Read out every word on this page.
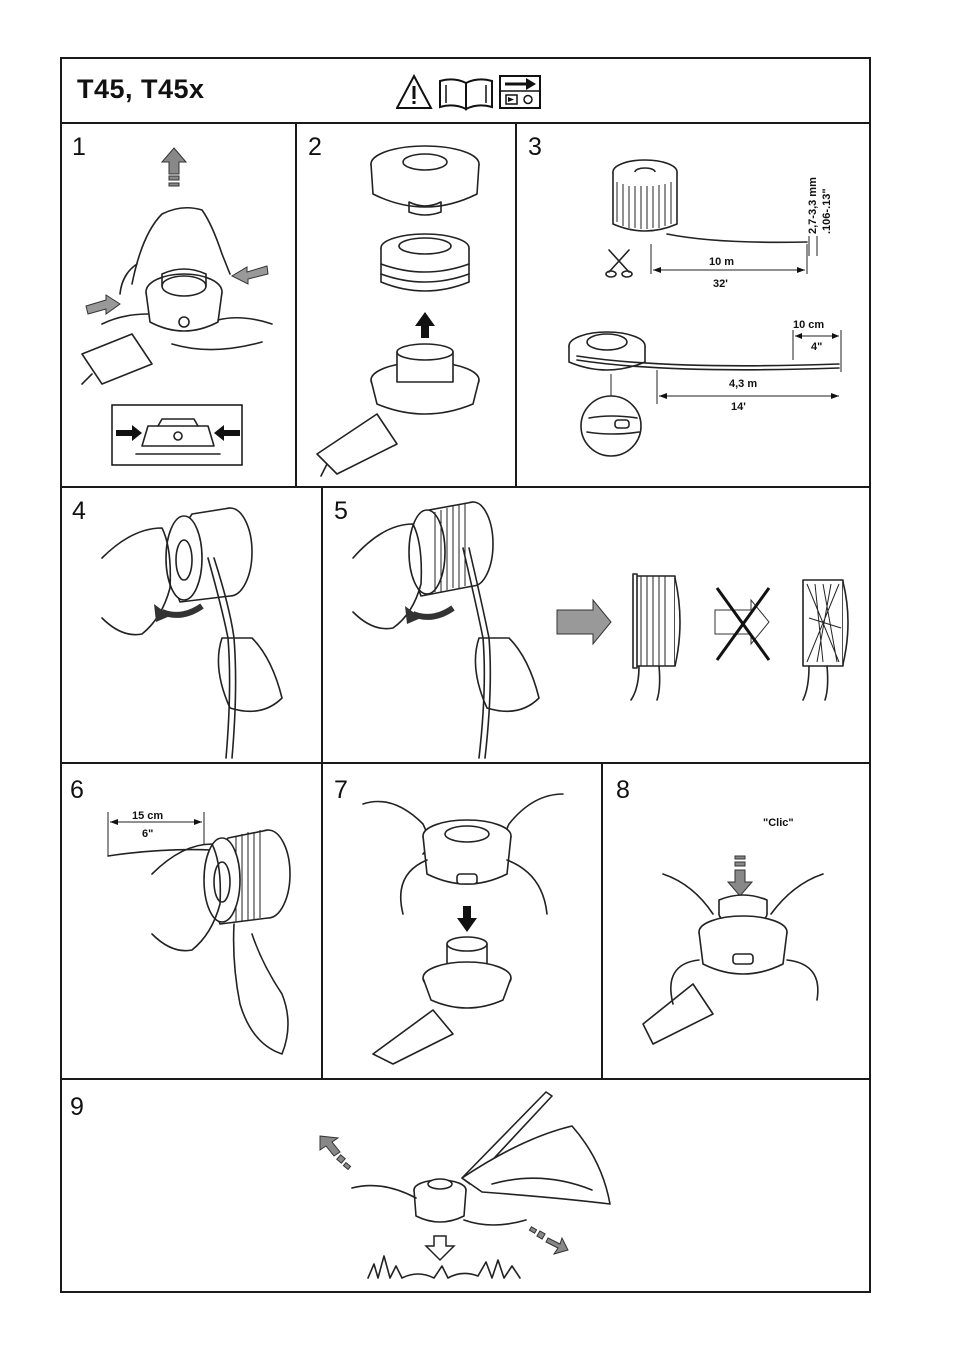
T45, T45x
1	2	3
4	5
6	7	8
9
2,7-3,3 mm .106-.13"
10 m
32'
10 cm
4"
4,3 m
14'
15 cm
6"
"Clic"
